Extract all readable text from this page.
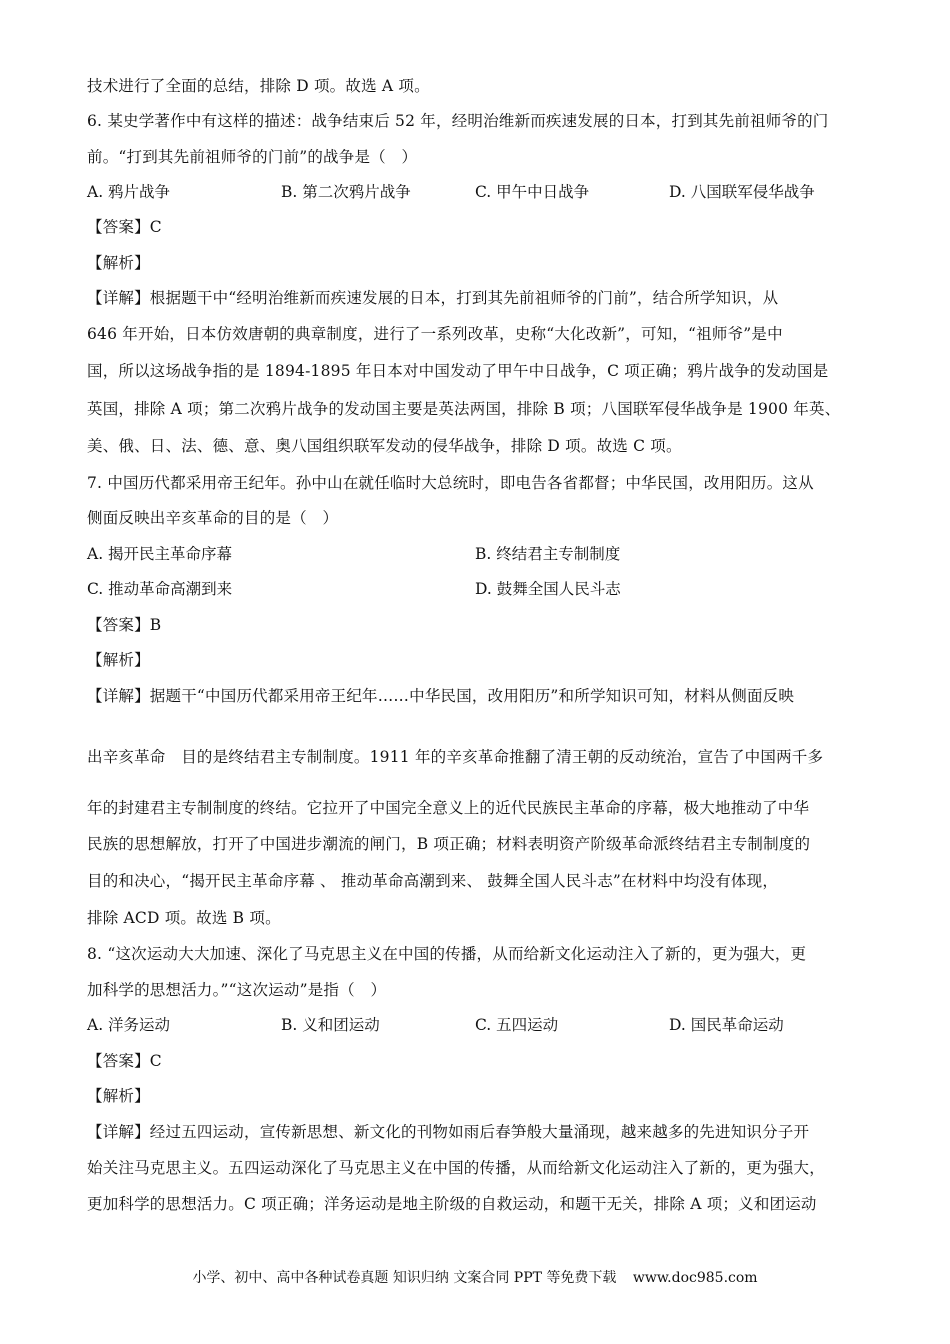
技术进行了全面的总结，排除 D 项。故选 A 项。
6. 某史学著作中有这样的描述：战争结束后 52 年，经明治维新而疾速发展的日本，打到其先前祖师爷的门
前。“打到其先前祖师爷的门前”的战争是（　）
A. 鸦片战争	B. 第二次鸦片战争	C. 甲午中日战争	D. 八国联军侵华战争
【答案】C
【解析】
【详解】根据题干中“经明治维新而疾速发展的日本，打到其先前祖师爷的门前”，结合所学知识，从
646 年开始，日本仿效唐朝的典章制度，进行了一系列改革，史称“大化改新”，可知，“祖师爷”是中
国，所以这场战争指的是 1894-1895 年日本对中国发动了甲午中日战争，C 项正确；鸦片战争的发动国是
英国，排除 A 项；第二次鸦片战争的发动国主要是英法两国，排除 B 项；八国联军侵华战争是 1900 年英、
美、俄、日、法、德、意、奥八国组织联军发动的侵华战争，排除 D 项。故选 C 项。
7. 中国历代都采用帝王纪年。孙中山在就任临时大总统时，即电告各省都督；中华民国，改用阳历。这从
侧面反映出辛亥革命的目的是（　）
A. 揭开民主革命序幕	B. 终结君主专制制度
C. 推动革命高潮到来	D. 鼓舞全国人民斗志
【答案】B
【解析】
【详解】据题干“中国历代都采用帝王纪年……中华民国，改用阳历”和所学知识可知，材料从侧面反映
出辛亥革命　目的是终结君主专制制度。1911 年的辛亥革命推翻了清王朝的反动统治，宣告了中国两千多
年的封建君主专制制度的终结。它拉开了中国完全意义上的近代民族民主革命的序幕，极大地推动了中华
民族的思想解放，打开了中国进步潮流的闸门，B 项正确；材料表明资产阶级革命派终结君主专制制度的
目的和决心，“揭开民主革命序幕 、 推动革命高潮到来、 鼓舞全国人民斗志”在材料中均没有体现，
排除 ACD 项。故选 B 项。
8. “这次运动大大加速、深化了马克思主义在中国的传播，从而给新文化运动注入了新的，更为强大，更
加科学的思想活力。”“这次运动”是指（　）
A. 洋务运动	B. 义和团运动	C. 五四运动	D. 国民革命运动
【答案】C
【解析】
【详解】经过五四运动，宣传新思想、新文化的刊物如雨后春笋般大量涌现，越来越多的先进知识分子开
始关注马克思主义。五四运动深化了马克思主义在中国的传播，从而给新文化运动注入了新的，更为强大，
更加科学的思想活力。C 项正确；洋务运动是地主阶级的自救运动，和题干无关，排除 A 项；义和团运动
小学、初中、高中各种试卷真题 知识归纳 文案合同 PPT 等免费下载 www.doc985.com
